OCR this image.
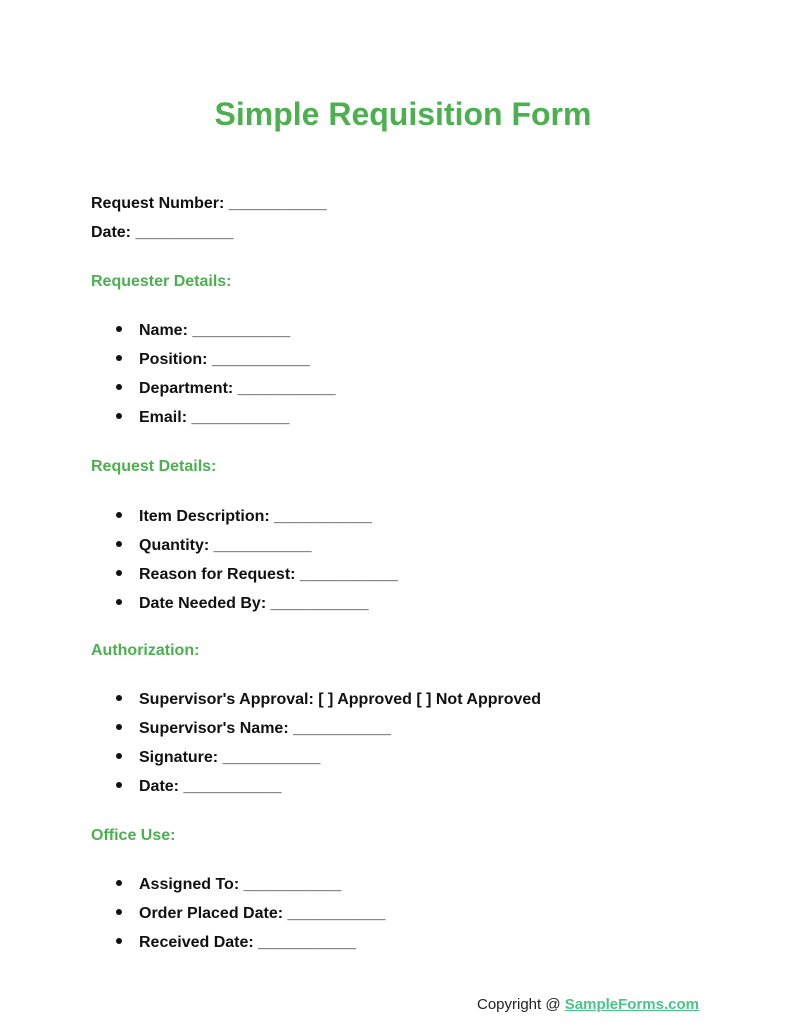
Simple Requisition Form
Request Number: ___________
Date: ___________
Requester Details:
Name: ___________
Position: ___________
Department: ___________
Email: ___________
Request Details:
Item Description: ___________
Quantity: ___________
Reason for Request: ___________
Date Needed By: ___________
Authorization:
Supervisor's Approval: [ ] Approved [ ] Not Approved
Supervisor's Name: ___________
Signature: ___________
Date: ___________
Office Use:
Assigned To: ___________
Order Placed Date: ___________
Received Date: ___________
Copyright @ SampleForms.com
